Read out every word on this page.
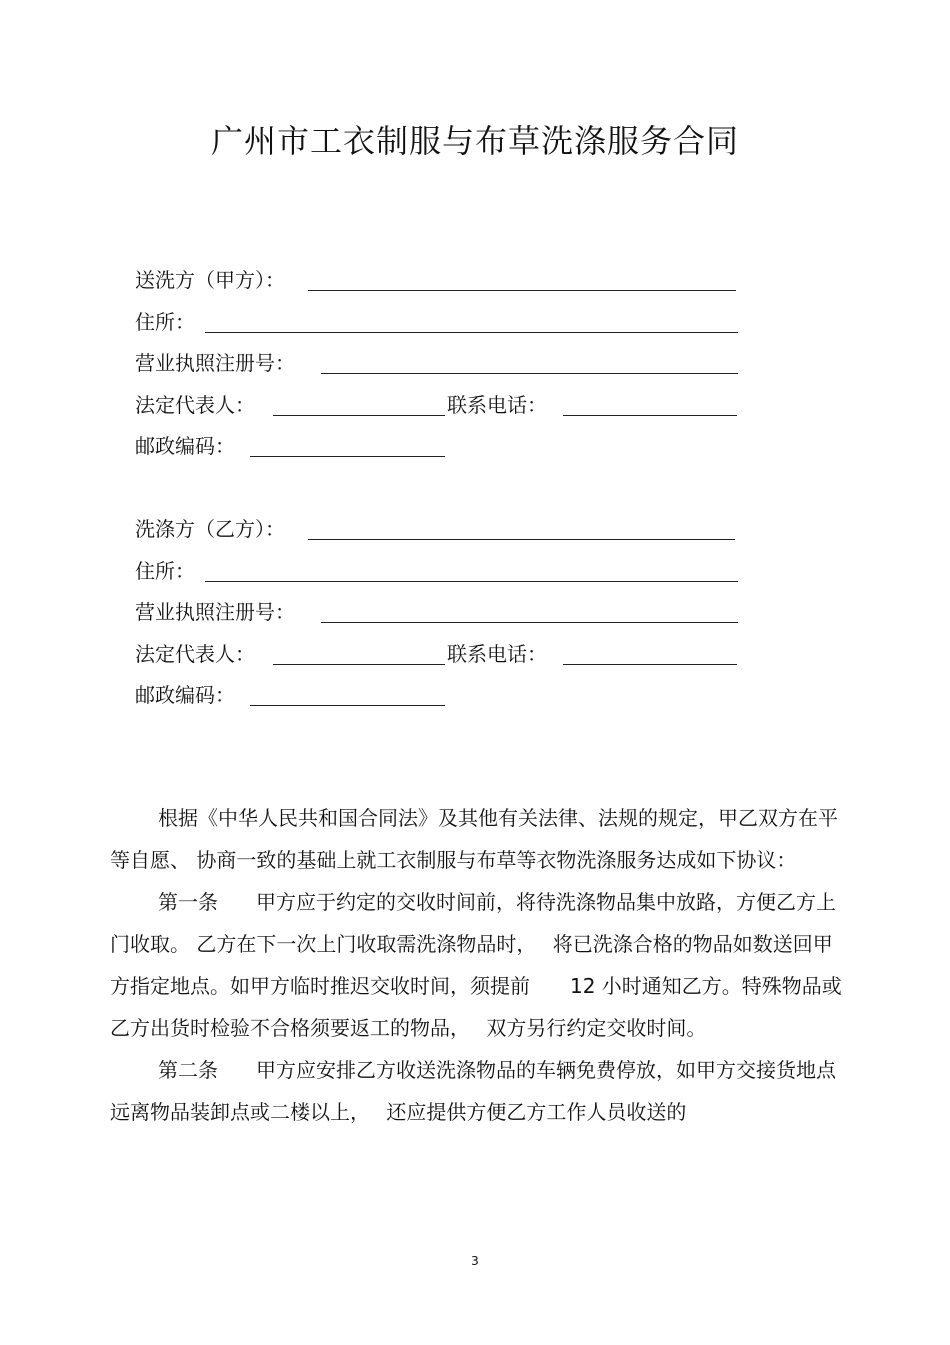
广州市工衣制服与布草洗涤服务合同
送洗方（甲方）：
住所：
营业执照注册号：
法定代表人：	联系电话：
邮政编码：
洗涤方（乙方）：
住所：
营业执照注册号：
法定代表人：	联系电话：
邮政编码：

根据《中华人民共和国合同法》及其他有关法律、法规的规定，甲乙双方在平等自愿、 协商一致的基础上就工衣制服与布草等衣物洗涤服务达成如下协议：

第一条 甲方应于约定的交收时间前，将待洗涤物品集中放路，方便乙方上门收取。 乙方在下一次上门收取需洗涤物品时，　 将已洗涤合格的物品如数送回甲方指定地点。如甲方临时推迟交收时间，须提前　　12 小时通知乙方。特殊物品或乙方出货时检验不合格须要返工的物品，　 双方另行约定交收时间。

第二条 甲方应安排乙方收送洗涤物品的车辆免费停放，如甲方交接货地点远离物品装卸点或二楼以上，　 还应提供方便乙方工作人员收送的

3
